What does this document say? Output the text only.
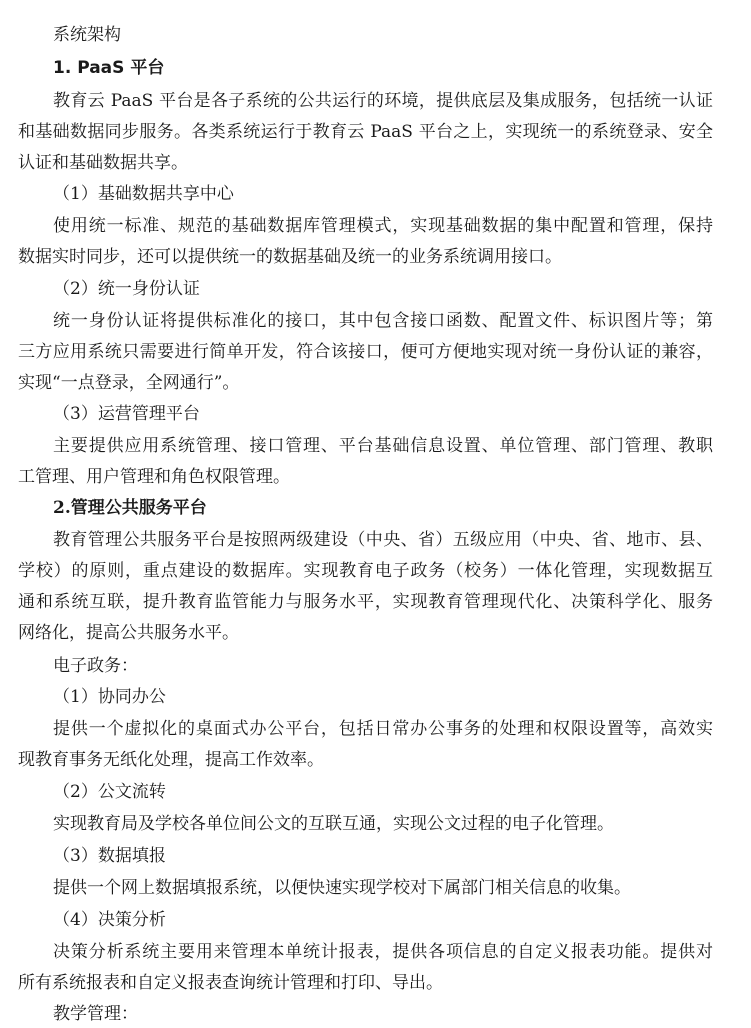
系统架构
1. PaaS 平台
教育云 PaaS 平台是各子系统的公共运行的环境，提供底层及集成服务，包括统一认证
和基础数据同步服务。各类系统运行于教育云 PaaS 平台之上，实现统一的系统登录、安全
认证和基础数据共享。
（1）基础数据共享中心
使用统一标准、规范的基础数据库管理模式，实现基础数据的集中配置和管理，保持
数据实时同步，还可以提供统一的数据基础及统一的业务系统调用接口。
（2）统一身份认证
统一身份认证将提供标准化的接口，其中包含接口函数、配置文件、标识图片等；第
三方应用系统只需要进行简单开发，符合该接口，便可方便地实现对统一身份认证的兼容，
实现“一点登录，全网通行”。
（3）运营管理平台
主要提供应用系统管理、接口管理、平台基础信息设置、单位管理、部门管理、教职
工管理、用户管理和角色权限管理。
2.管理公共服务平台
教育管理公共服务平台是按照两级建设（中央、省）五级应用（中央、省、地市、县、
学校）的原则，重点建设的数据库。实现教育电子政务（校务）一体化管理，实现数据互
通和系统互联，提升教育监管能力与服务水平，实现教育管理现代化、决策科学化、服务
网络化，提高公共服务水平。
电子政务：
（1）协同办公
提供一个虚拟化的桌面式办公平台，包括日常办公事务的处理和权限设置等，高效实
现教育事务无纸化处理，提高工作效率。
（2）公文流转
实现教育局及学校各单位间公文的互联互通，实现公文过程的电子化管理。
（3）数据填报
提供一个网上数据填报系统，以便快速实现学校对下属部门相关信息的收集。
（4）决策分析
决策分析系统主要用来管理本单统计报表，提供各项信息的自定义报表功能。提供对
所有系统报表和自定义报表查询统计管理和打印、导出。
教学管理：
